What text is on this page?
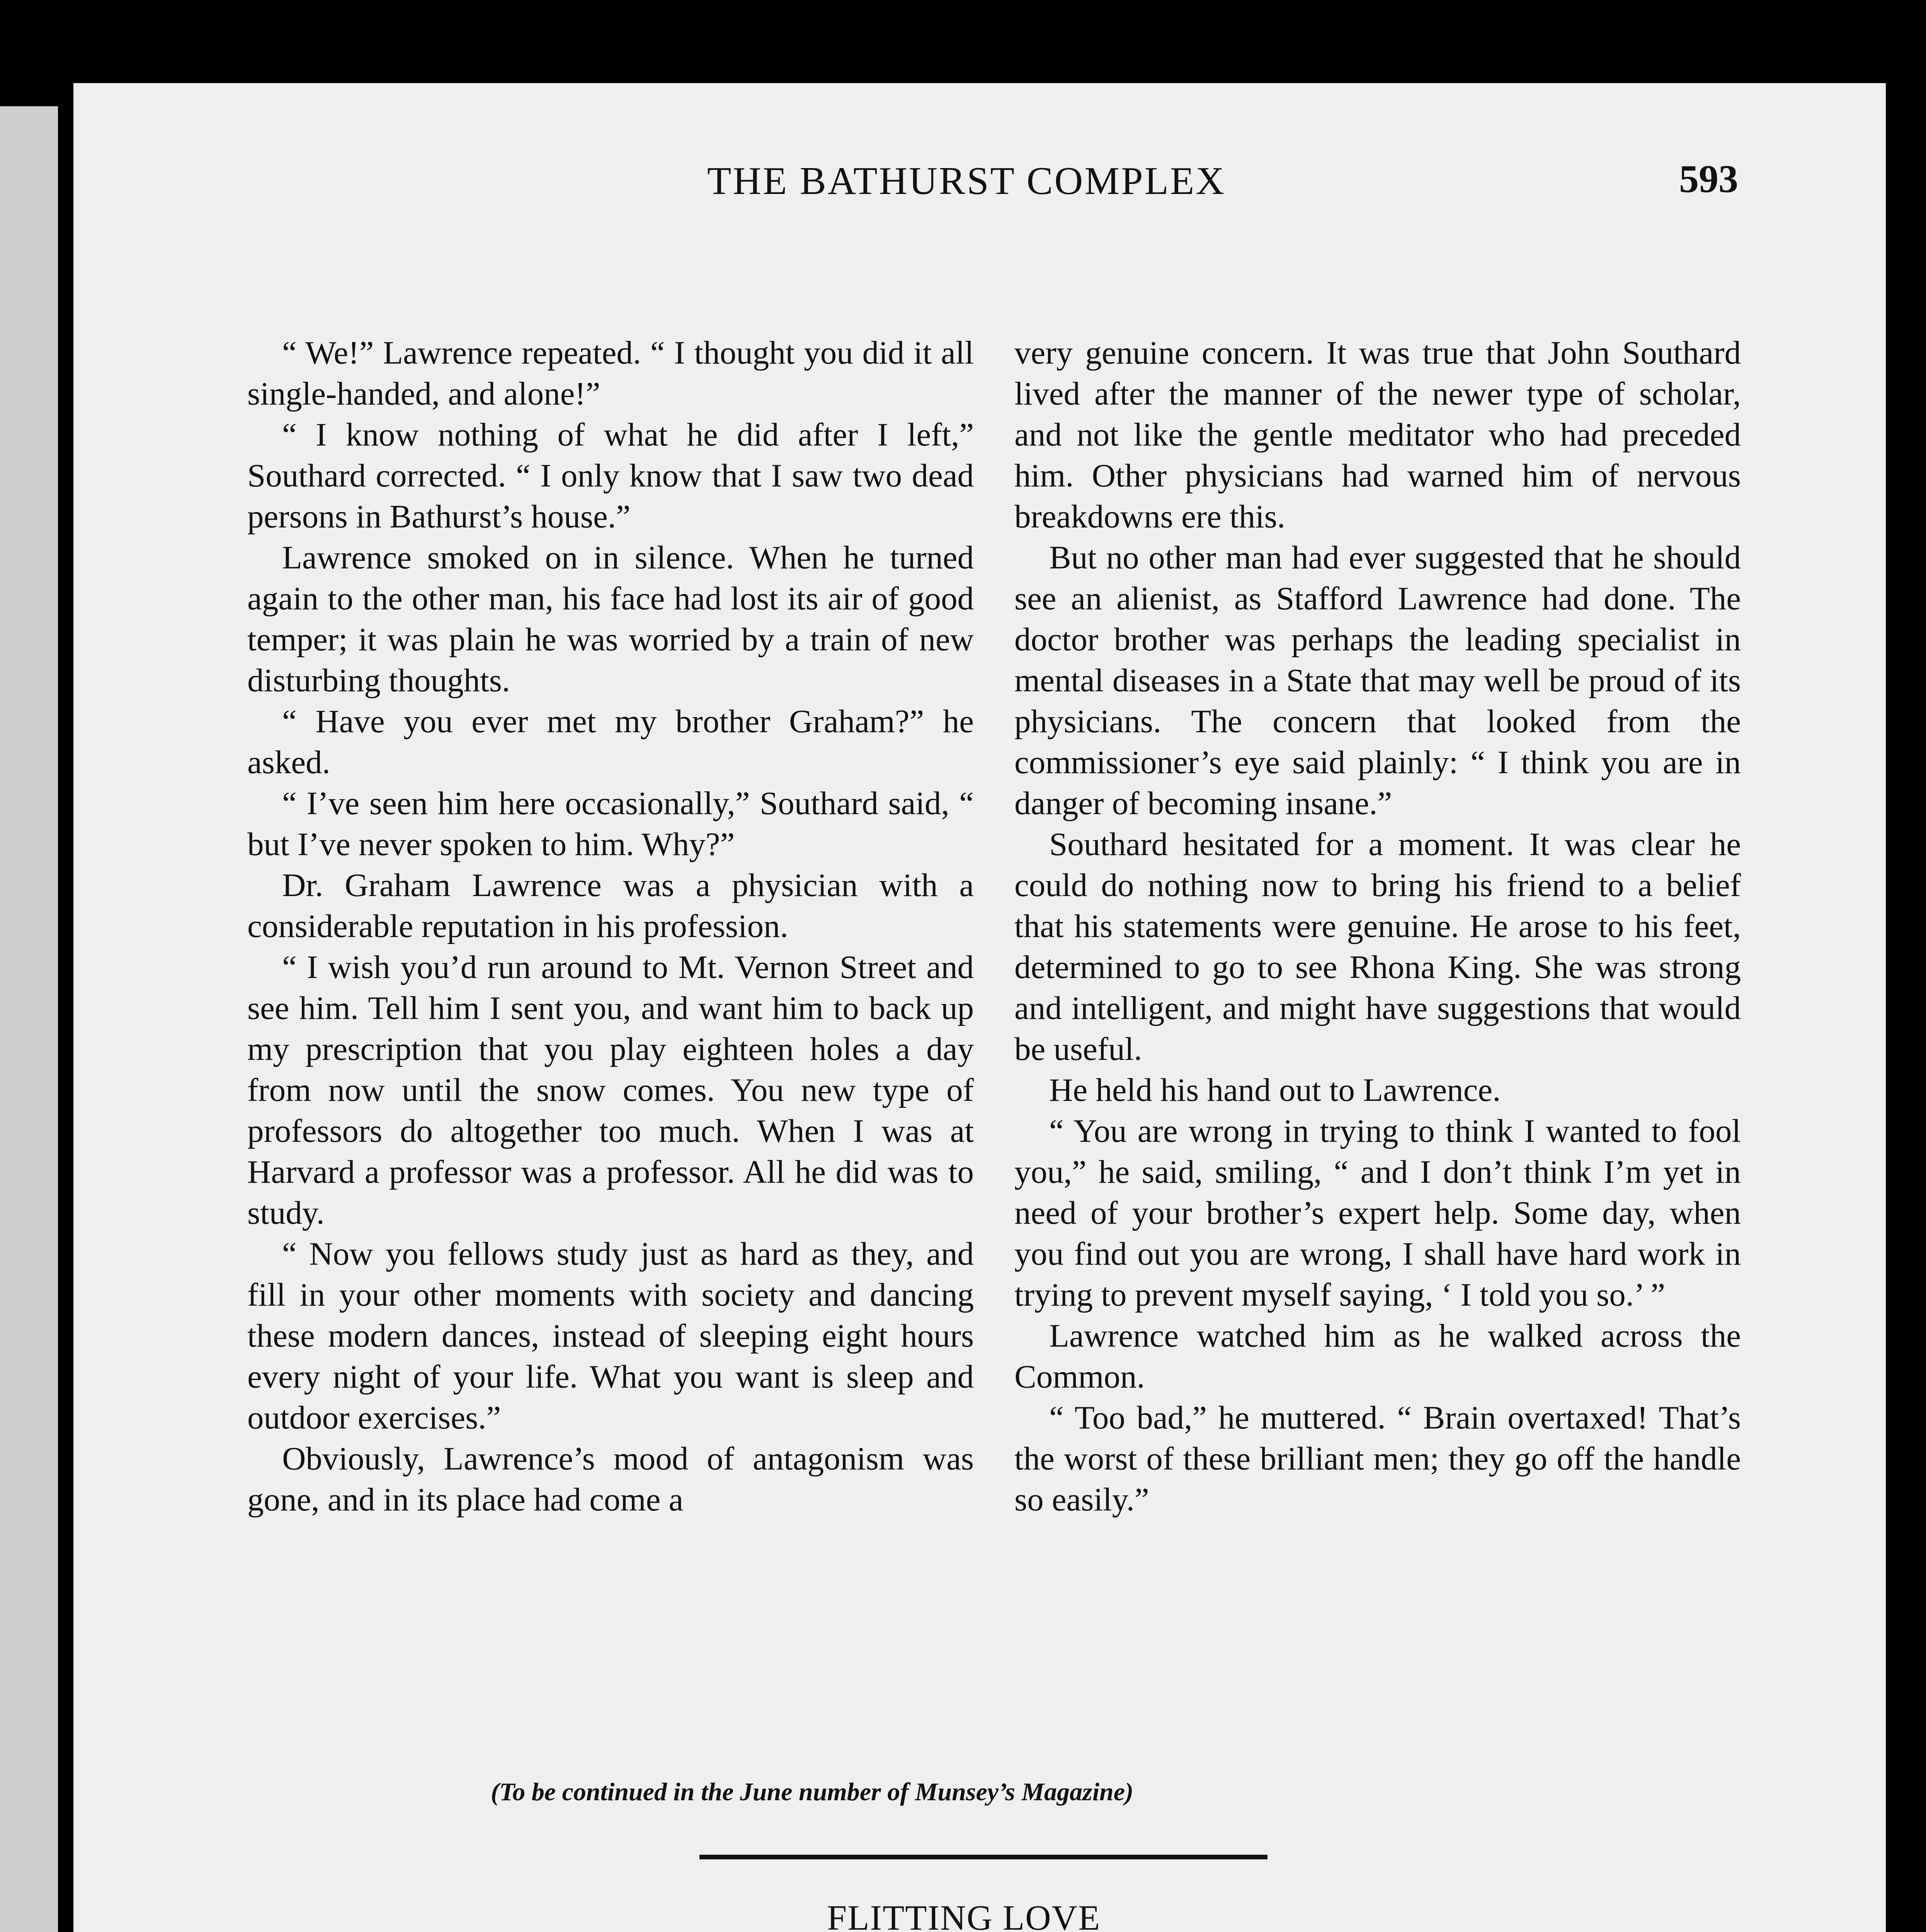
THE BATHURST COMPLEX	593

“ We!” Lawrence repeated. “ I thought you did it all single-handed, and alone!”

“ I know nothing of what he did after I left,” Southard corrected. “ I only know that I saw two dead persons in Bathurst’s house.”

Lawrence smoked on in silence. When he turned again to the other man, his face had lost its air of good temper; it was plain he was worried by a train of new disturbing thoughts.

“ Have you ever met my brother Graham?” he asked.

“ I’ve seen him here occasionally,” Southard said, “ but I’ve never spoken to him. Why?”

Dr. Graham Lawrence was a physician with a considerable reputation in his profession.

“ I wish you’d run around to Mt. Vernon Street and see him. Tell him I sent you, and want him to back up my prescription that you play eighteen holes a day from now until the snow comes. You new type of professors do altogether too much. When I was at Harvard a professor was a professor. All he did was to study.

“ Now you fellows study just as hard as they, and fill in your other moments with society and dancing these modern dances, instead of sleeping eight hours every night of your life. What you want is sleep and outdoor exercises.”

Obviously, Lawrence’s mood of antagonism was gone, and in its place had come a

very genuine concern. It was true that John Southard lived after the manner of the newer type of scholar, and not like the gentle meditator who had preceded him. Other physicians had warned him of nervous breakdowns ere this.

But no other man had ever suggested that he should see an alienist, as Stafford Lawrence had done. The doctor brother was perhaps the leading specialist in mental diseases in a State that may well be proud of its physicians. The concern that looked from the commissioner’s eye said plainly: “ I think you are in danger of becoming insane.”

Southard hesitated for a moment. It was clear he could do nothing now to bring his friend to a belief that his statements were genuine. He arose to his feet, determined to go to see Rhona King. She was strong and intelligent, and might have suggestions that would be useful.

He held his hand out to Lawrence.

“ You are wrong in trying to think I wanted to fool you,” he said, smiling, “ and I don’t think I’m yet in need of your brother’s expert help. Some day, when you find out you are wrong, I shall have hard work in trying to prevent myself saying, ‘ I told you so.’ ”

Lawrence watched him as he walked across the Common.

“ Too bad,” he muttered. “ Brain overtaxed! That’s the worst of these brilliant men; they go off the handle so easily.”

(To be continued in the June number of Munsey’s Magazine)
FLITTING LOVE
